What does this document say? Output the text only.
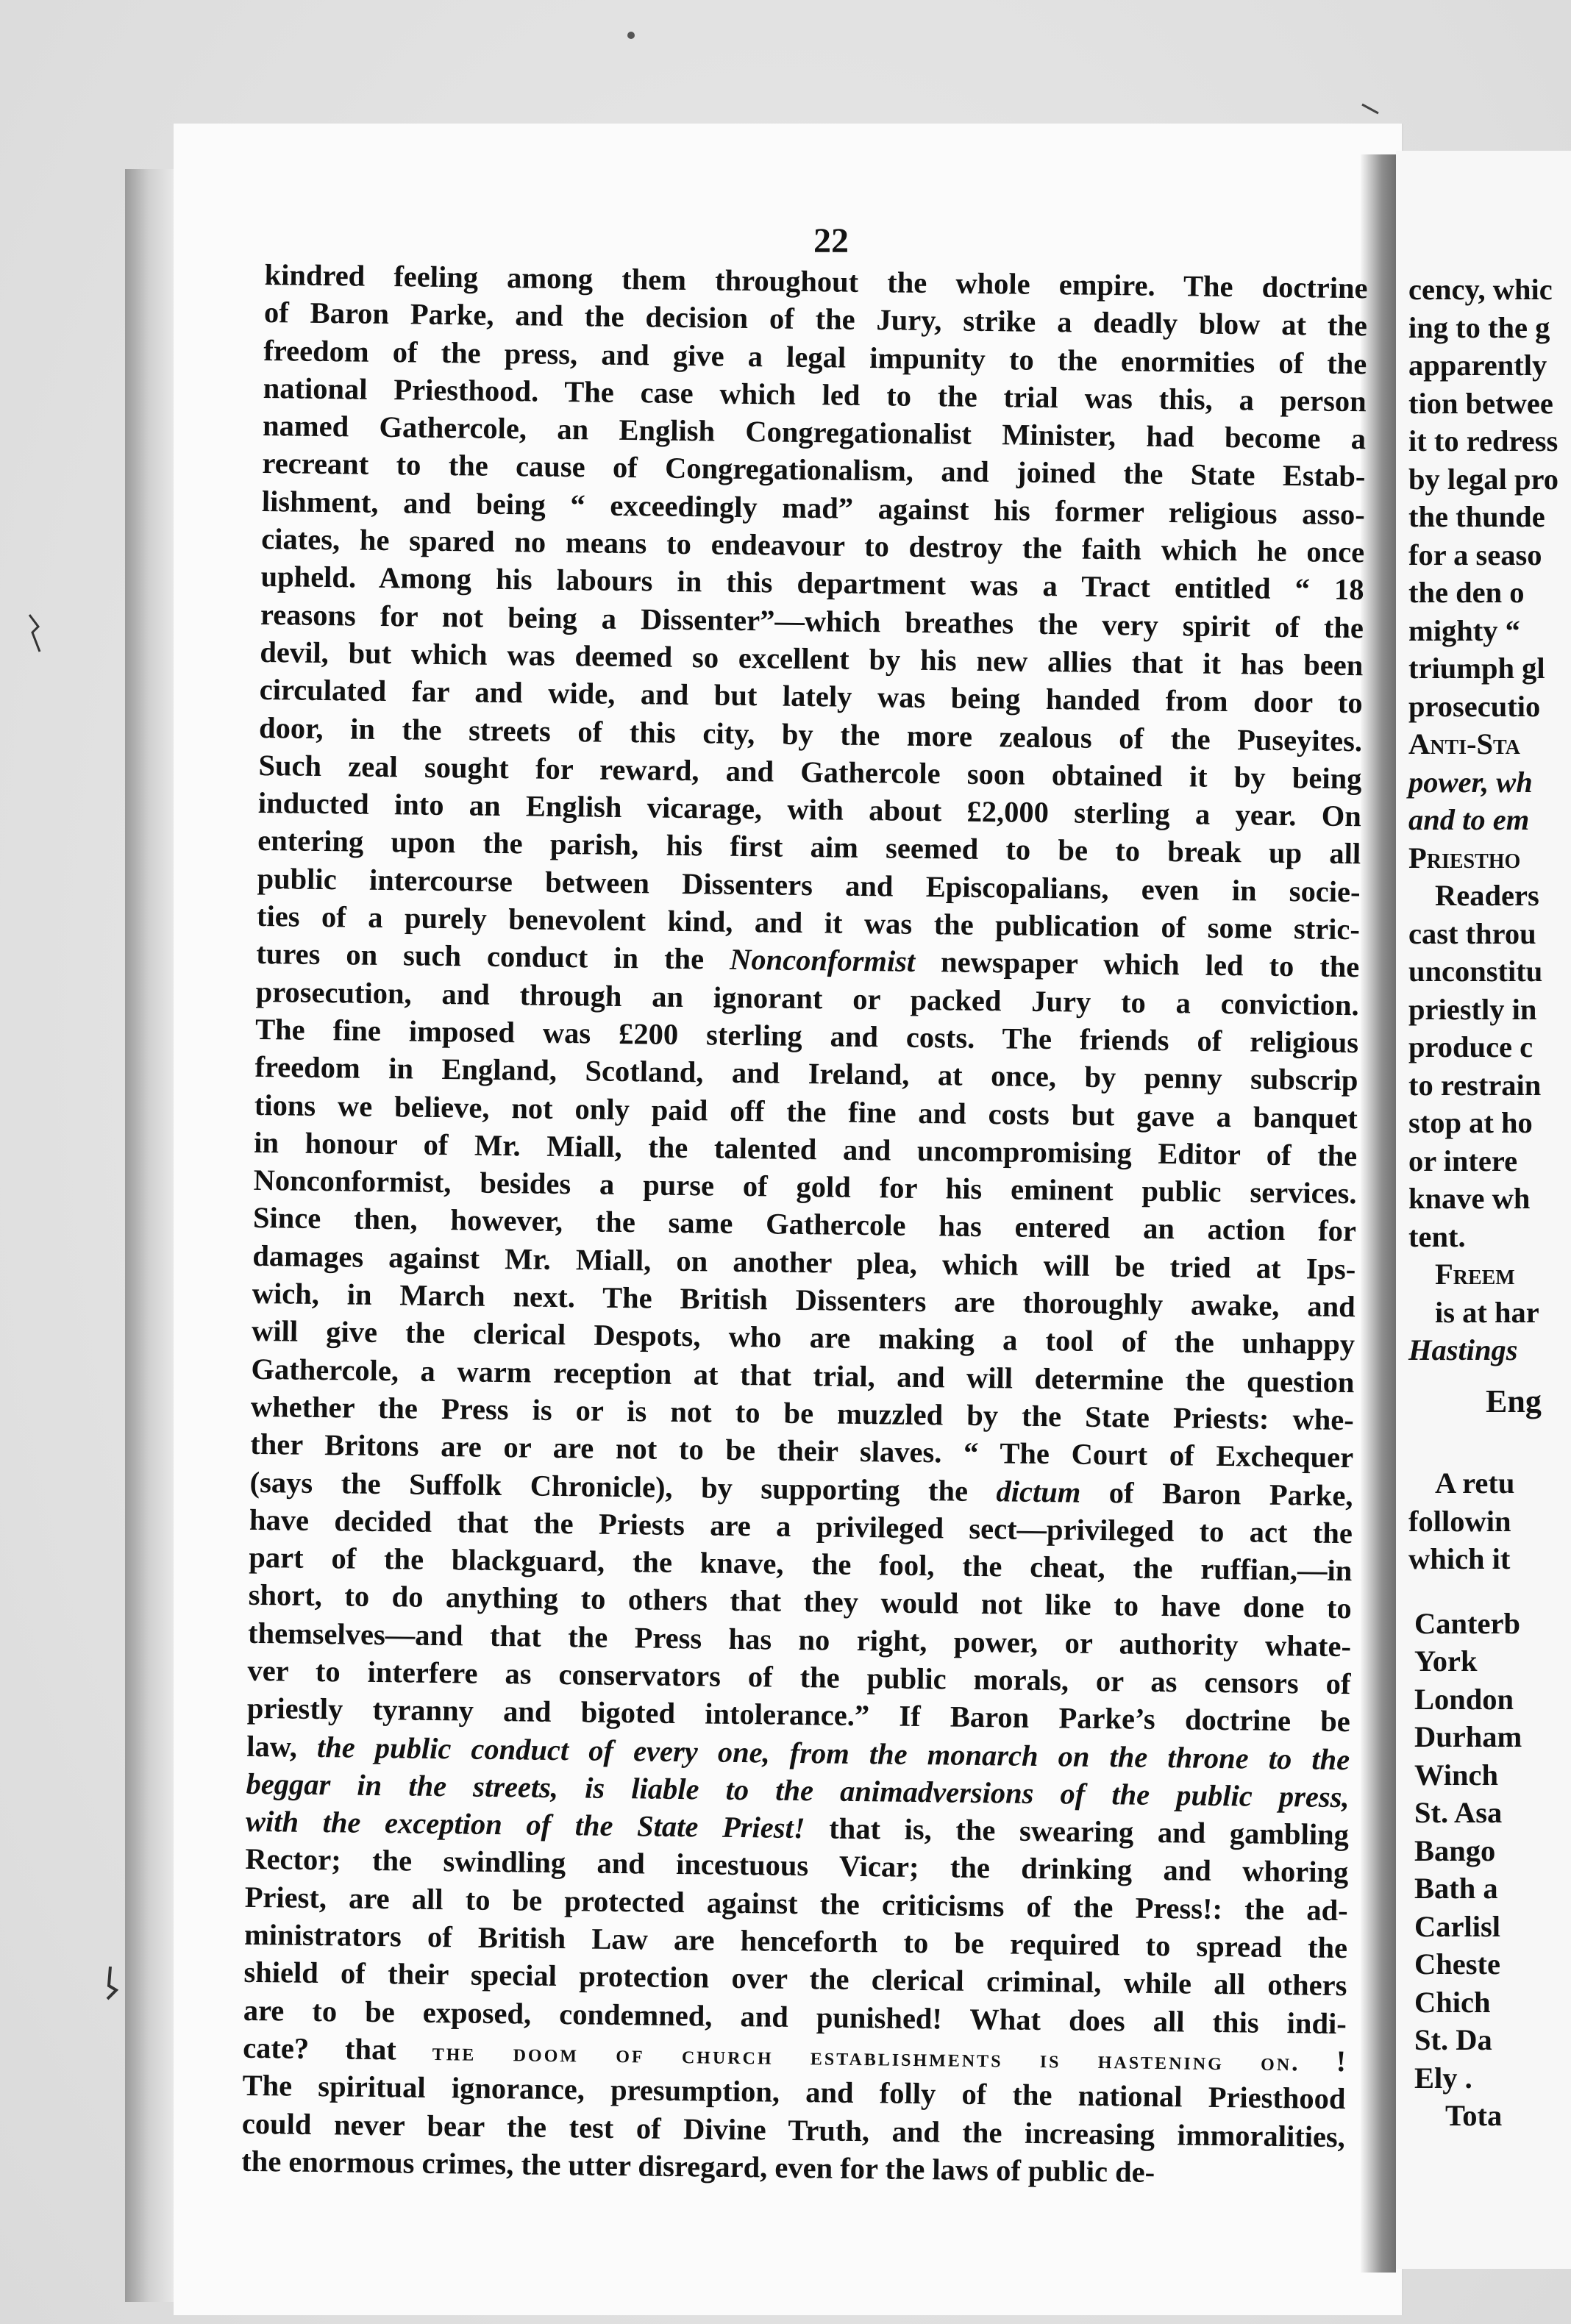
22
kindred feeling among them throughout the whole empire. The doctrine
of Baron Parke, and the decision of the Jury, strike a deadly blow at the
freedom of the press, and give a legal impunity to the enormities of the
national Priesthood. The case which led to the trial was this, a person
named Gathercole, an English Congregationalist Minister, had become a
recreant to the cause of Congregationalism, and joined the State Estab-
lishment, and being “ exceedingly mad” against his former religious asso-
ciates, he spared no means to endeavour to destroy the faith which he once
upheld. Among his labours in this department was a Tract entitled “ 18
reasons for not being a Dissenter”—which breathes the very spirit of the
devil, but which was deemed so excellent by his new allies that it has been
circulated far and wide, and but lately was being handed from door to
door, in the streets of this city, by the more zealous of the Puseyites.
Such zeal sought for reward, and Gathercole soon obtained it by being
inducted into an English vicarage, with about £2,000 sterling a year. On
entering upon the parish, his first aim seemed to be to break up all
public intercourse between Dissenters and Episcopalians, even in socie-
ties of a purely benevolent kind, and it was the publication of some stric-
tures on such conduct in the Nonconformist newspaper which led to the
prosecution, and through an ignorant or packed Jury to a conviction.
The fine imposed was £200 sterling and costs. The friends of religious
freedom in England, Scotland, and Ireland, at once, by penny subscrip
tions we believe, not only paid off the fine and costs but gave a banquet
in honour of Mr. Miall, the talented and uncompromising Editor of the
Nonconformist, besides a purse of gold for his eminent public services.
Since then, however, the same Gathercole has entered an action for
damages against Mr. Miall, on another plea, which will be tried at Ips-
wich, in March next. The British Dissenters are thoroughly awake, and
will give the clerical Despots, who are making a tool of the unhappy
Gathercole, a warm reception at that trial, and will determine the question
whether the Press is or is not to be muzzled by the State Priests: whe-
ther Britons are or are not to be their slaves. “ The Court of Exchequer
(says the Suffolk Chronicle), by supporting the dictum of Baron Parke,
have decided that the Priests are a privileged sect—privileged to act the
part of the blackguard, the knave, the fool, the cheat, the ruffian,—in
short, to do anything to others that they would not like to have done to
themselves—and that the Press has no right, power, or authority whate-
ver to interfere as conservators of the public morals, or as censors of
priestly tyranny and bigoted intolerance.” If Baron Parke’s doctrine be
law, the public conduct of every one, from the monarch on the throne to the
beggar in the streets, is liable to the animadversions of the public press,
with the exception of the State Priest! that is, the swearing and gambling
Rector; the swindling and incestuous Vicar; the drinking and whoring
Priest, are all to be protected against the criticisms of the Press!: the ad-
ministrators of British Law are henceforth to be required to spread the
shield of their special protection over the clerical criminal, while all others
are to be exposed, condemned, and punished! What does all this indi-
cate? that the doom of church establishments is hastening on. !
The spiritual ignorance, presumption, and folly of the national Priesthood
could never bear the test of Divine Truth, and the increasing immoralities,
the enormous crimes, the utter disregard, even for the laws of public de-
cency, whic
ing to the g
apparently
tion betwee
it to redress
by legal pro
the thunde
for a seaso
the den o
mighty “
triumph gl
prosecutio
Anti-Sta
power, wh
and to em
Priestho
Readers
cast throu
unconstitu
priestly in
produce c
to restrain
stop at ho
or intere
knave wh
tent.
Freem
is at har
Hastings
Eng
A retu
followin
which it
Canterb
York
London
Durham
Winch
St. Asa
Bango
Bath a
Carlisl
Cheste
Chich
St. Da
Ely .
Tota
